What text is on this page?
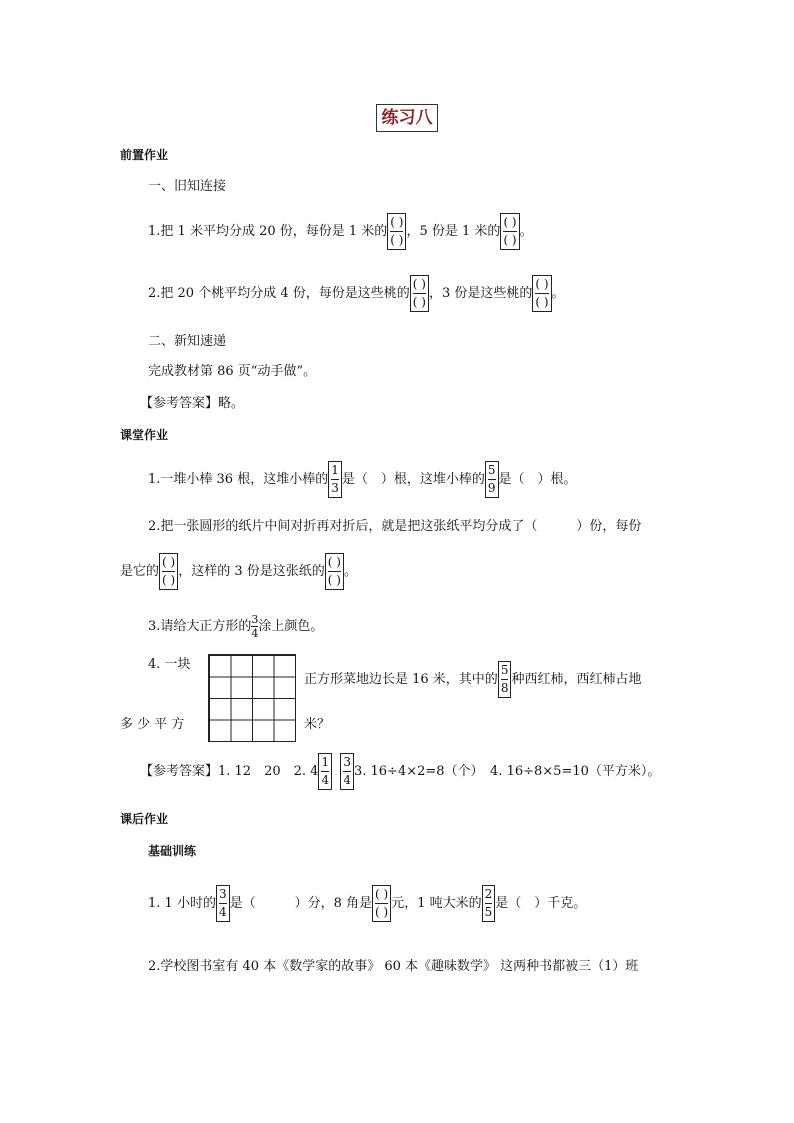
练习八
前置作业
一、旧知连接
1.把 1 米平均分成 20 份，每份是 1 米的 $\frac{( )}{( )}$ ，5 份是 1 米的 $\frac{( )}{( )}$ 。
2.把 20 个桃平均分成 4 份，每份是这些桃的 $\frac{( )}{( )}$ ，3 份是这些桃的 $\frac{( )}{( )}$ 。
二、新知速递
完成教材第 86 页“动手做”。
【参考答案】略。
课堂作业
1.一堆小棒 36 根，这堆小棒的 $\frac{1}{3}$ 是（　）根，这堆小棒的 $\frac{5}{9}$ 是（　）根。
2.把一张圆形的纸片中间对折再对折后，就是把这张纸平均分成了（　　　）份，每份
是它的 $\frac{( )}{( )}$ ，这样的 3 份是这张纸的 $\frac{( )}{( )}$ 。
3.请给大正方形的 $\frac{3}{4}$ 涂上颜色。
4. 一块
正方形菜地边长是 16 米，其中的 $\frac{5}{8}$ 种西红柿，西红柿占地
多 少 平 方	米？
【参考答案】1. 12　20　2. $4 \frac{1}{4}$
$\frac{3}{4} 3$. 16÷4×2=8（个）　4. 16÷8×5=10（平方米）。
课后作业
基础训练
1. 1 小时的 $\frac{3}{4}$ 是（　　　）分，8 角是 $\frac{( )}{( )}$ 元，1 吨大米的 $\frac{2}{5}$ 是（　）千克。
2.学校图书室有 40 本《数学家的故事》 60 本《趣味数学》 这两种书都被三（1）班
